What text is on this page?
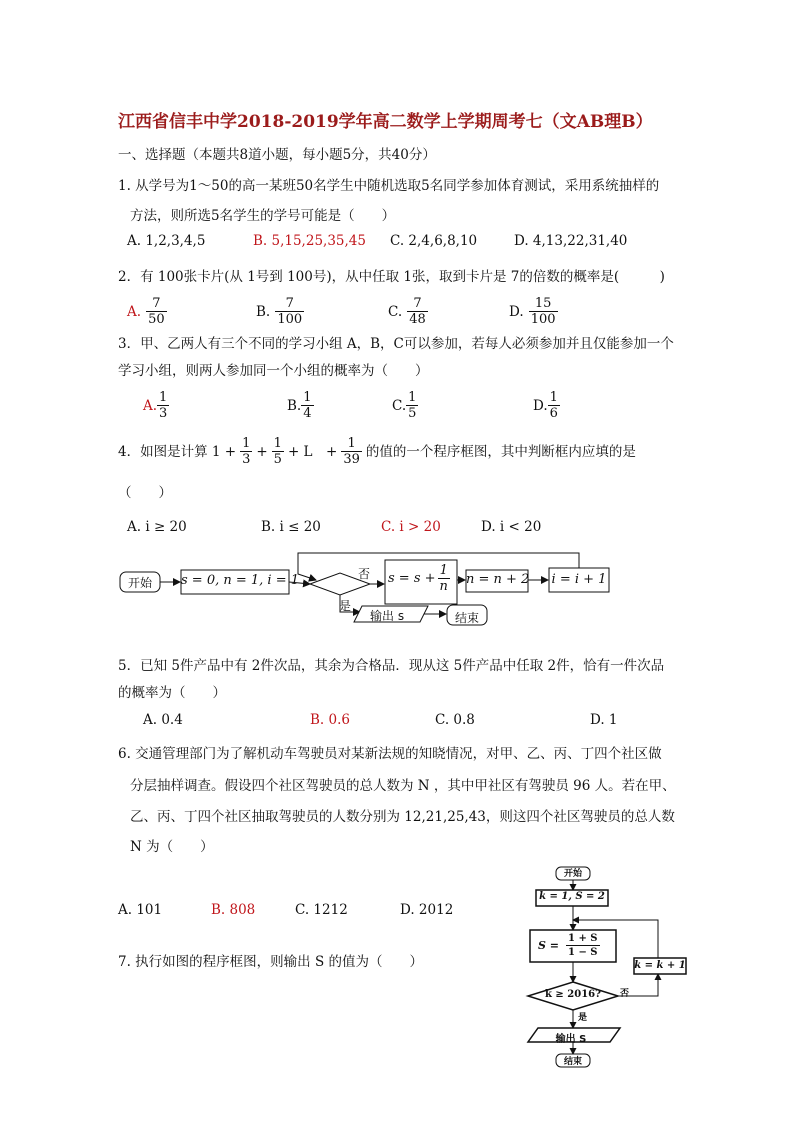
江西省信丰中学2018-2019学年高二数学上学期周考七（文AB理B）
一、选择题（本题共8道小题，每小题5分，共40分）
1. 从学号为1～50的高一某班50名学生中随机选取5名同学参加体育测试，采用系统抽样的
方法，则所选5名学生的学号可能是（　　）
A. 1,2,3,4,5	B. 5,15,25,35,45 C. 2,4,6,8,10	D. 4,13,22,31,40
2．有 100张卡片(从 1号到 100号)，从中任取 1张，取到卡片是 7的倍数的概率是(　　　)
A. $\frac{7}{50}$	B. $\frac{7}{100}$	C. $\frac{7}{48}$	D. $\frac{15}{100}$
3．甲、乙两人有三个不同的学习小组 A，B，C可以参加，若每人必须参加并且仅能参加一个
学习小组，则两人参加同一个小组的概率为（　　）
A. $\frac{1}{3}$	B. $\frac{1}{4}$	C. $\frac{1}{5}$	D. $\frac{1}{6}$
4．如图是计算 $1 + \frac{1}{3} + \frac{1}{5} + L$　+ $\frac{1}{39}$ 的值的一个程序框图，其中判断框内应填的是
（　　）
A. i ≥ 20	B. i ≤ 20	C. i > 20	D. i < 20
开始	s = 0, n = 1, i = 1	否 $s = s + \frac{1}{n}$ n = n + 2 i = i + 1
是
输出 s	结束
5．已知 5件产品中有 2件次品，其余为合格品．现从这 5件产品中任取 2件，恰有一件次品
的概率为（　　）
A. 0.4	B. 0.6	C. 0.8	D. 1
6. 交通管理部门为了解机动车驾驶员对某新法规的知晓情况，对甲、乙、丙、丁四个社区做
分层抽样调查。假设四个社区驾驶员的总人数为 N ，其中甲社区有驾驶员 96 人。若在甲、
乙、丙、丁四个社区抽取驾驶员的人数分别为 12,21,25,43，则这四个社区驾驶员的总人数
N 为（　　）
A. 101	B. 808	C. 1212	D. 2012
7. 执行如图的程序框图，则输出 S 的值为（　　）
开始
k = 1, S = 2
$S = \frac{1 + S}{1 - S}$
k = k + 1
k ≥ 2016?	否
是
输出 S
结束
